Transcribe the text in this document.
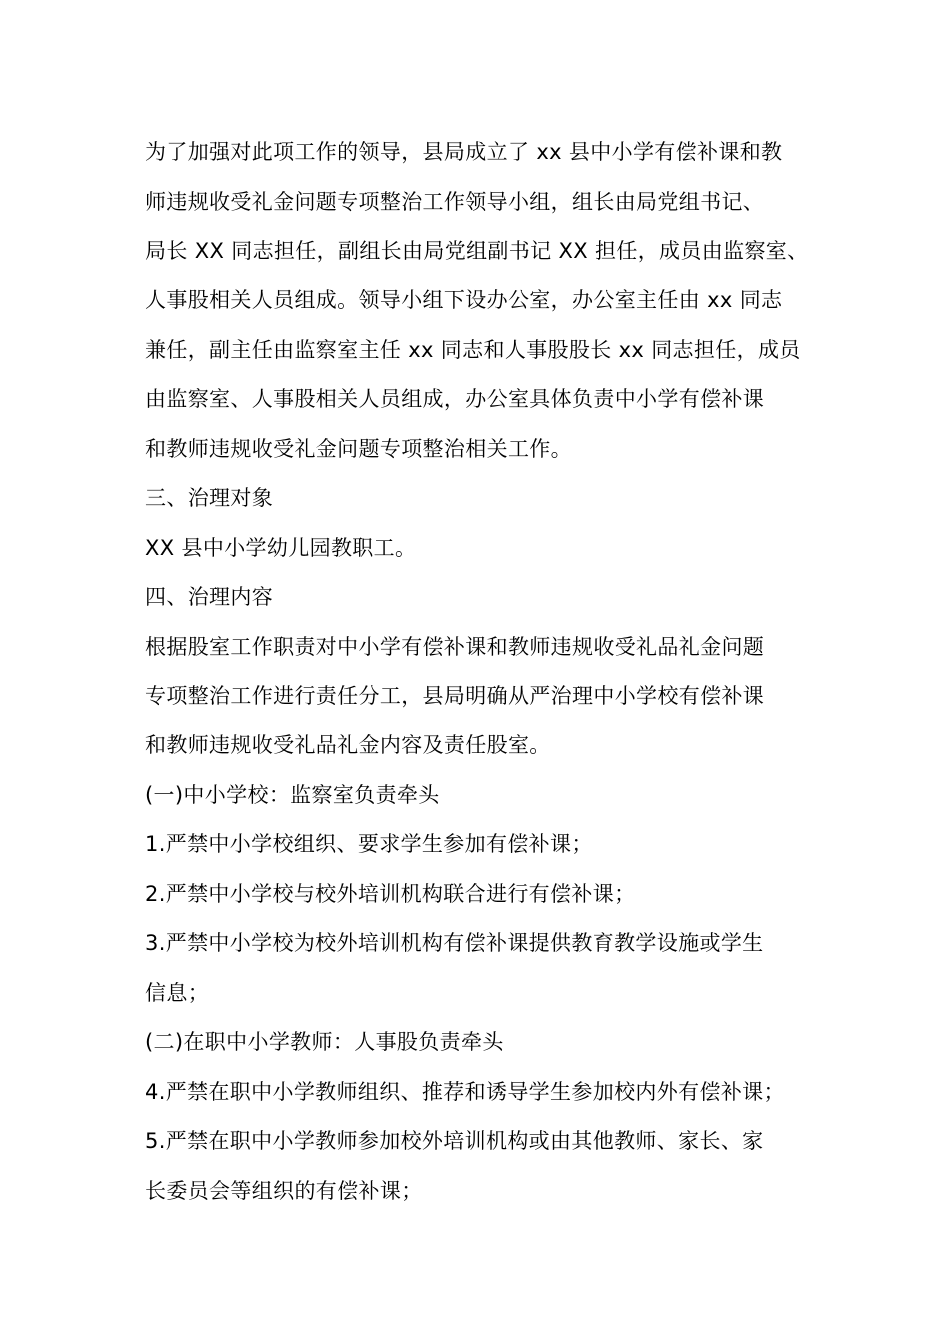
为了加强对此项工作的领导，县局成立了 xx 县中小学有偿补课和教
师违规收受礼金问题专项整治工作领导小组，组长由局党组书记、
局长 XX 同志担任，副组长由局党组副书记 XX 担任，成员由监察室、
人事股相关人员组成。领导小组下设办公室，办公室主任由 xx 同志
兼任，副主任由监察室主任 xx 同志和人事股股长 xx 同志担任，成员
由监察室、人事股相关人员组成，办公室具体负责中小学有偿补课
和教师违规收受礼金问题专项整治相关工作。
三、治理对象
XX 县中小学幼儿园教职工。
四、治理内容
根据股室工作职责对中小学有偿补课和教师违规收受礼品礼金问题
专项整治工作进行责任分工，县局明确从严治理中小学校有偿补课
和教师违规收受礼品礼金内容及责任股室。
(一)中小学校：监察室负责牵头
1.严禁中小学校组织、要求学生参加有偿补课；
2.严禁中小学校与校外培训机构联合进行有偿补课；
3.严禁中小学校为校外培训机构有偿补课提供教育教学设施或学生
信息；
(二)在职中小学教师：人事股负责牵头
4.严禁在职中小学教师组织、推荐和诱导学生参加校内外有偿补课；
5.严禁在职中小学教师参加校外培训机构或由其他教师、家长、家
长委员会等组织的有偿补课；
